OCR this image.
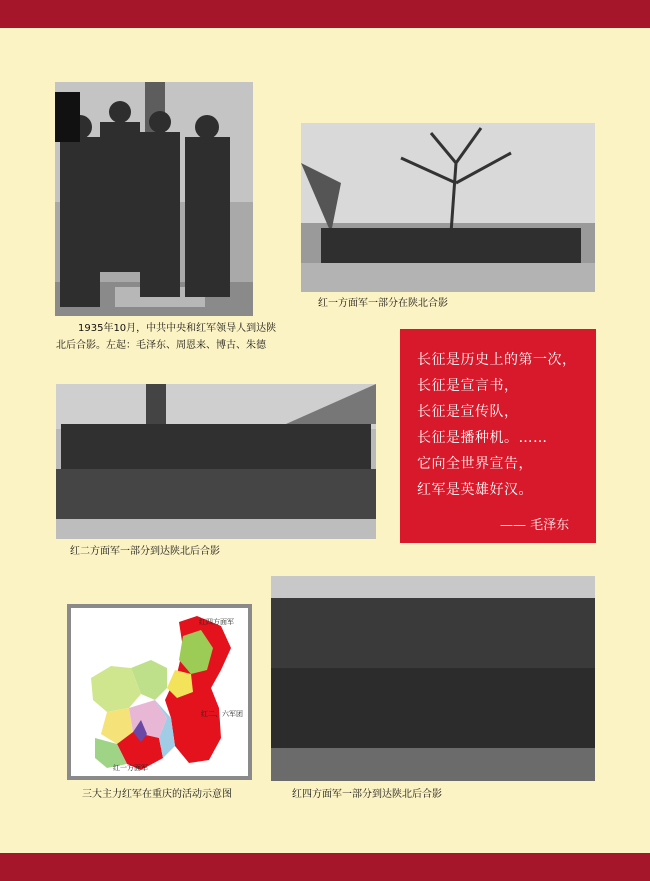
1935年10月，中共中央和红军领导人到达陕
北后合影。左起：毛泽东、周恩来、博古、朱德
红一方面军一部分在陕北合影
长征是历史上的第一次，
长征是宣言书，
长征是宣传队，
长征是播种机。……
它向全世界宣告，
红军是英雄好汉。
—— 毛泽东
红二方面军一部分到达陕北后合影
红四方面军
红二、六军团
红一方面军
三大主力红军在重庆的活动示意图	红四方面军一部分到达陕北后合影
